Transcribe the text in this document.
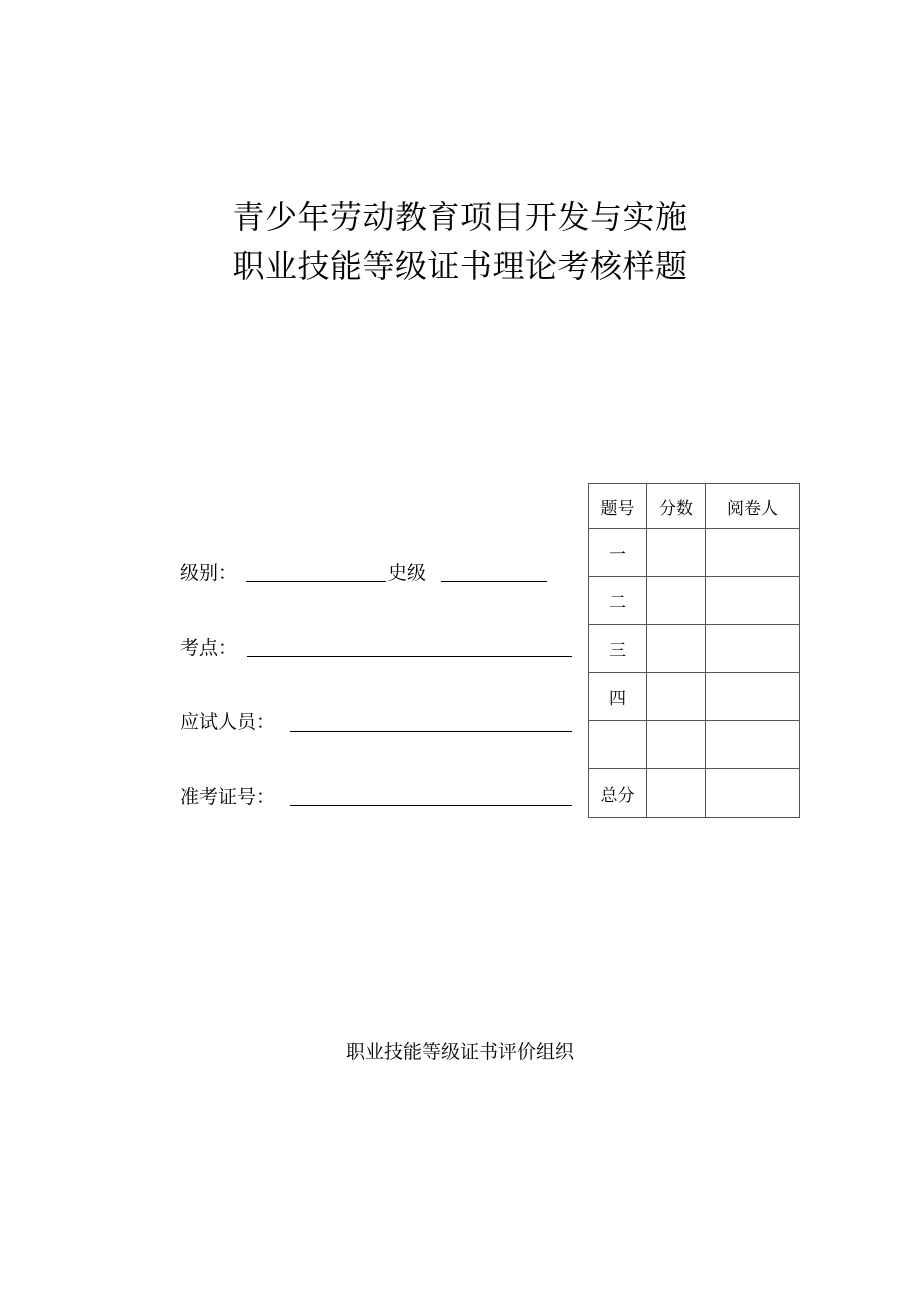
青少年劳动教育项目开发与实施
职业技能等级证书理论考核样题
级别：	史级
考点：
应试人员：
准考证号：
题号	分数	阅卷人
一		
二		
三		
四		

总分		
职业技能等级证书评价组织
